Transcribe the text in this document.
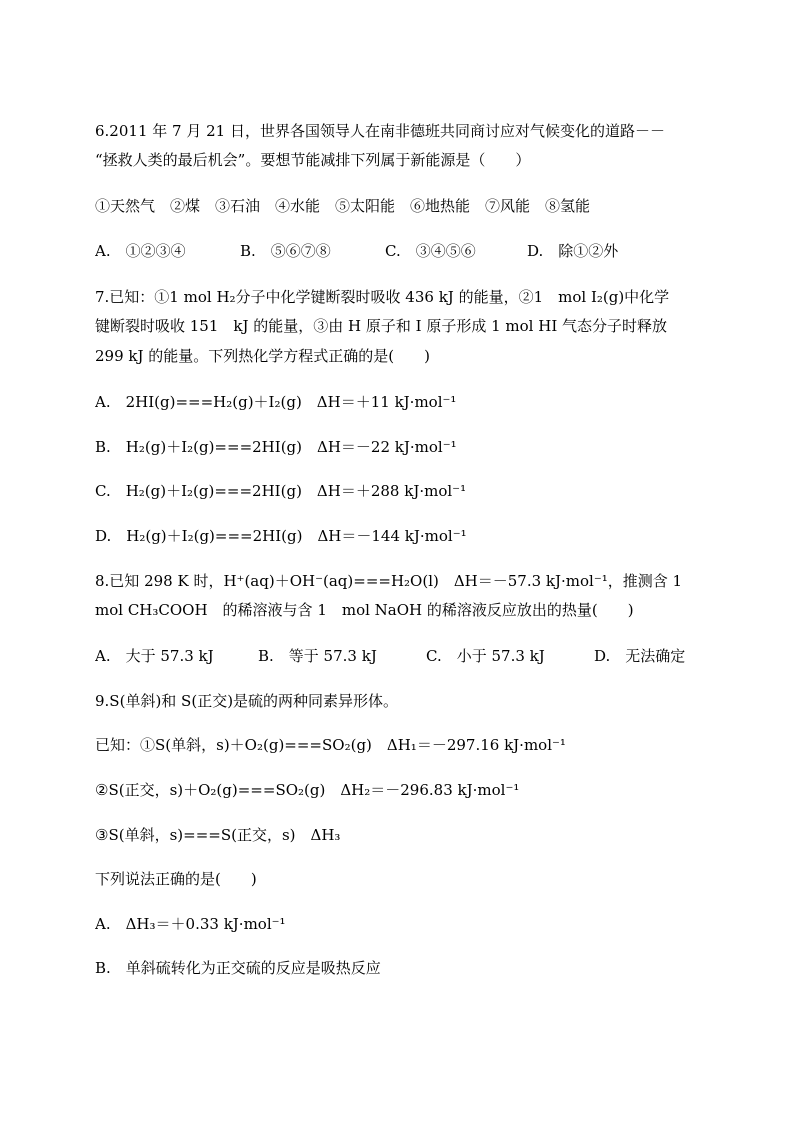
6.2011 年 7 月 21 日，世界各国领导人在南非德班共同商讨应对气候变化的道路－－
“拯救人类的最后机会”。要想节能减排下列属于新能源是（　　）
①天然气　②煤　③石油　④水能　⑤太阳能　⑥地热能　⑦风能　⑧氢能

A.　①②③④

	B.　⑤⑥⑦⑧

	C.　③④⑤⑥

	D.　除①②外

7.已知：①1 mol H₂分子中化学键断裂时吸收 436 kJ 的能量，②1　mol I₂(g)中化学
键断裂时吸收 151　kJ 的能量，③由 H 原子和 I 原子形成 1 mol HI 气态分子时释放
299 kJ 的能量。下列热化学方程式正确的是(　　)
A.　2HI(g)===H₂(g)＋I₂(g)　ΔH＝＋11 kJ·mol⁻¹
B.　H₂(g)＋I₂(g)===2HI(g)　ΔH＝－22 kJ·mol⁻¹
C.　H₂(g)＋I₂(g)===2HI(g)　ΔH＝＋288 kJ·mol⁻¹
D.　H₂(g)＋I₂(g)===2HI(g)　ΔH＝－144 kJ·mol⁻¹
8.已知 298 K 时，H⁺(aq)＋OH⁻(aq)===H₂O(l)　ΔH＝－57.3 kJ·mol⁻¹，推测含 1
mol CH₃COOH　的稀溶液与含 1　mol NaOH 的稀溶液反应放出的热量(　　)

A.　大于 57.3 kJ

	B.　等于 57.3 kJ

	C.　小于 57.3 kJ

	D.　无法确定

9.S(单斜)和 S(正交)是硫的两种同素异形体。
已知：①S(单斜，s)＋O₂(g)===SO₂(g)　ΔH₁＝－297.16 kJ·mol⁻¹
②S(正交，s)＋O₂(g)===SO₂(g)　ΔH₂＝－296.83 kJ·mol⁻¹
③S(单斜，s)===S(正交，s)　ΔH₃
下列说法正确的是(　　)
A.　ΔH₃＝＋0.33 kJ·mol⁻¹
B.　单斜硫转化为正交硫的反应是吸热反应
